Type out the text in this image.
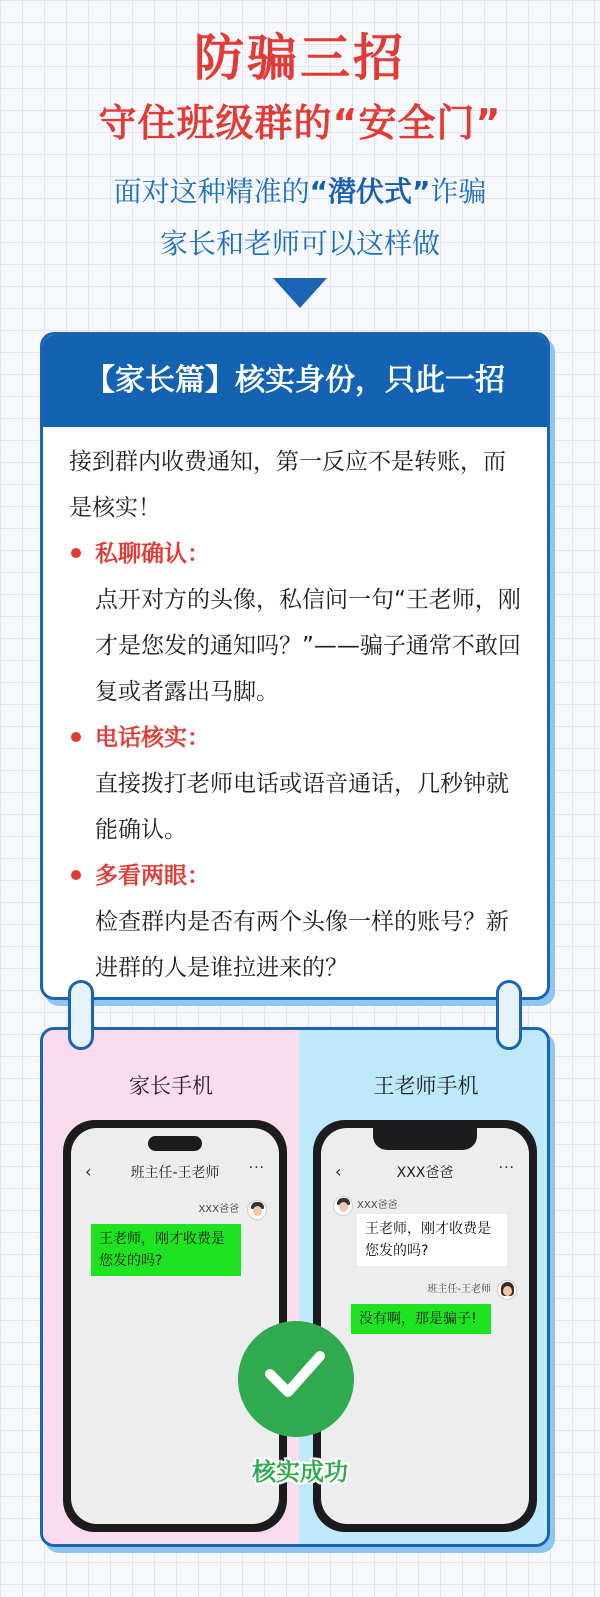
防骗三招
守住班级群的“安全门”
面对这种精准的“潜伏式”诈骗
家长和老师可以这样做
【家长篇】核实身份，只此一招
接到群内收费通知，第一反应不是转账，而是核实！
私聊确认：
点开对方的头像，私信问一句“王老师，刚才是您发的通知吗？”——骗子通常不敢回复或者露出马脚。
电话核实：
直接拨打老师电话或语音通话，几秒钟就能确认。
多看两眼：
检查群内是否有两个头像一样的账号？新进群的人是谁拉进来的？
家长手机
‹	班主任-王老师	···
XXX爸爸
王老师，刚才收费是您发的吗?
王老师手机
‹	XXX爸爸	···
XXX爸爸
王老师，刚才收费是您发的吗?
班主任-王老师
没有啊，那是骗子!
核实成功
